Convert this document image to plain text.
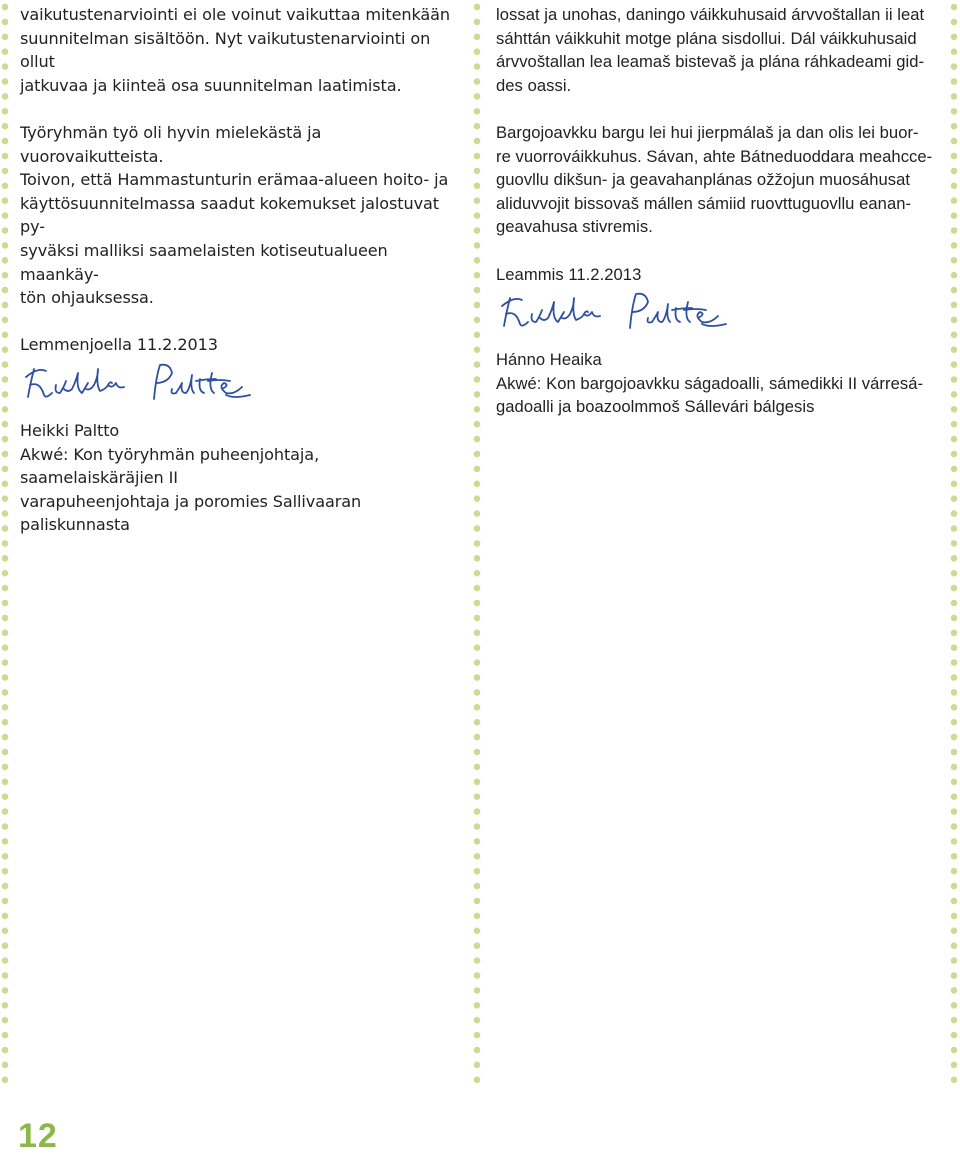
vaikutustenarviointi ei ole voinut vaikuttaa mitenkään
suunnitelman sisältöön. Nyt vaikutustenarviointi on ollut
jatkuvaa ja kiinteä osa suunnitelman laatimista.

Työryhmän työ oli hyvin mielekästä ja vuorovaikutteista.
Toivon, että Hammastunturin erämaa-alueen hoito- ja
käyttösuunnitelmassa saadut kokemukset jalostuvat py-
syväksi malliksi saamelaisten kotiseutualueen maankäy-
tön ohjauksessa.

Lemmenjoella 11.2.2013

Heikki Paltto

Akwé: Kon työryhmän puheenjohtaja, saamelaiskäräjien II
varapuheenjohtaja ja poromies Sallivaaran paliskunnasta

lossat ja unohas, daningo váikkuhusaid árvvoštallan ii leat
sáhttán váikkuhit motge plána sisdollui. Dál váikkuhusaid
árvvoštallan lea leamaš bistevaš ja plána ráhkadeami gid-
des oassi.

Bargojoavkku bargu lei hui jierpmálaš ja dan olis lei buor-
re vuorrováikkuhus. Sávan, ahte Bátneduoddara meahcce-
guovllu dikšun- ja geavahanplánas ožžojun muosáhusat
aliduvvojit bissovaš mállen sámiid ruovttuguovllu eanan-
geavahusa stivremis.

Leammis 11.2.2013

Hánno Heaika

Akwé: Kon bargojoavkku ságadoalli, sámedikki II várresá-
gadoalli ja boazoolmmoš Sállevári bálgesis

12
